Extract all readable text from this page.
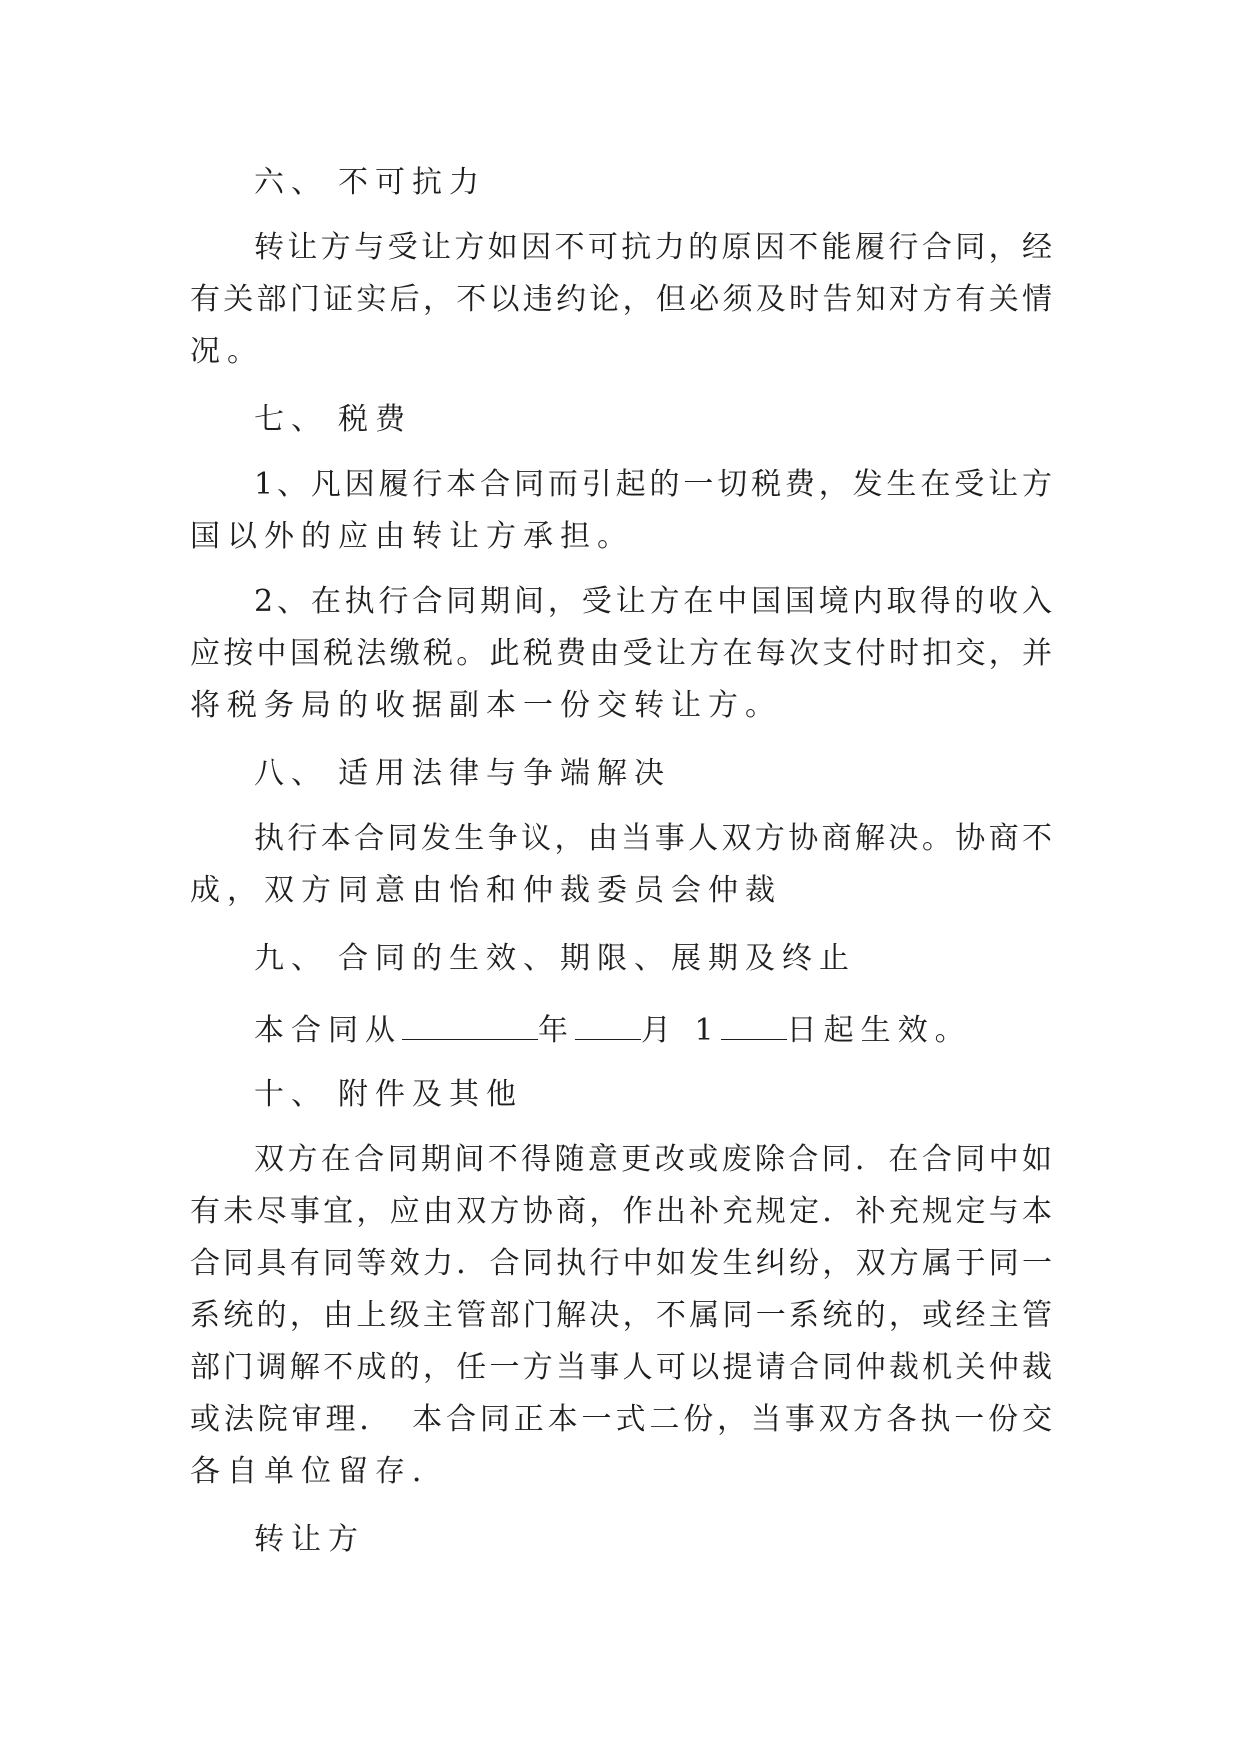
六、 不可抗力
转让方与受让方如因不可抗力的原因不能履行合同，经
有关部门证实后，不以违约论，但必须及时告知对方有关情
况。
七、 税费
1、凡因履行本合同而引起的一切税费，发生在受让方
国以外的应由转让方承担。
2、在执行合同期间，受让方在中国国境内取得的收入
应按中国税法缴税。此税费由受让方在每次支付时扣交，并
将税务局的收据副本一份交转让方。
八、 适用法律与争端解决
执行本合同发生争议，由当事人双方协商解决。协商不
成，双方同意由怡和仲裁委员会仲裁
九、 合同的生效、期限、展期及终止
本合同从	年 月 1 日起生效。
十、 附件及其他
双方在合同期间不得随意更改或废除合同．在合同中如
有未尽事宜，应由双方协商，作出补充规定．补充规定与本
合同具有同等效力．合同执行中如发生纠纷，双方属于同一
系统的，由上级主管部门解决，不属同一系统的，或经主管
部门调解不成的，任一方当事人可以提请合同仲裁机关仲裁
或法院审理．　本合同正本一式二份，当事双方各执一份交
各自单位留存．
转让方
